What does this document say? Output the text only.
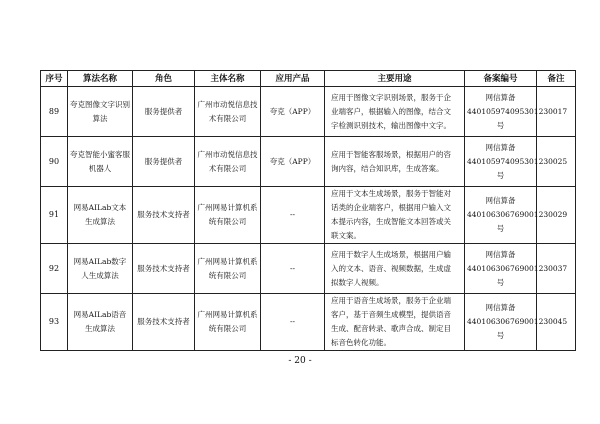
序号	算法名称	角色	主体名称	应用产品	主要用途	备案编号	备注
89	夸克图像文字识别算法	服务提供者	广州市动悦信息技术有限公司	夸克（APP）	应用于图像文字识别场景，服务于企业端客户，根据输入的图像，结合文字检测识别技术，输出图像中文字。	网信算备440105974095301230017号	
90	夸克智能小蜜客服机器人	服务提供者	广州市动悦信息技术有限公司	夸克（APP）	应用于智能客服场景，根据用户的咨询内容，结合知识库，生成答案。	网信算备440105974095301230025号	
91	网易AILab文本生成算法	服务技术支持者	广州网易计算机系统有限公司	--	应用于文本生成场景，服务于智能对话类的企业端客户，根据用户输入文本提示内容，生成智能文本回答或关联文案。	网信算备440106306769001230029号	
92	网易AILab数字人生成算法	服务技术支持者	广州网易计算机系统有限公司	--	应用于数字人生成场景，根据用户输入的文本、语音、视频数据，生成虚拟数字人视频。	网信算备440106306769001230037号	
93	网易AILab语音生成算法	服务技术支持者	广州网易计算机系统有限公司	--	应用于语音生成场景，服务于企业端客户，基于音频生成模型，提供语音生成、配音转录、歌声合成、制定目标音色转化功能。	网信算备440106306769001230045号	
- 20 -
